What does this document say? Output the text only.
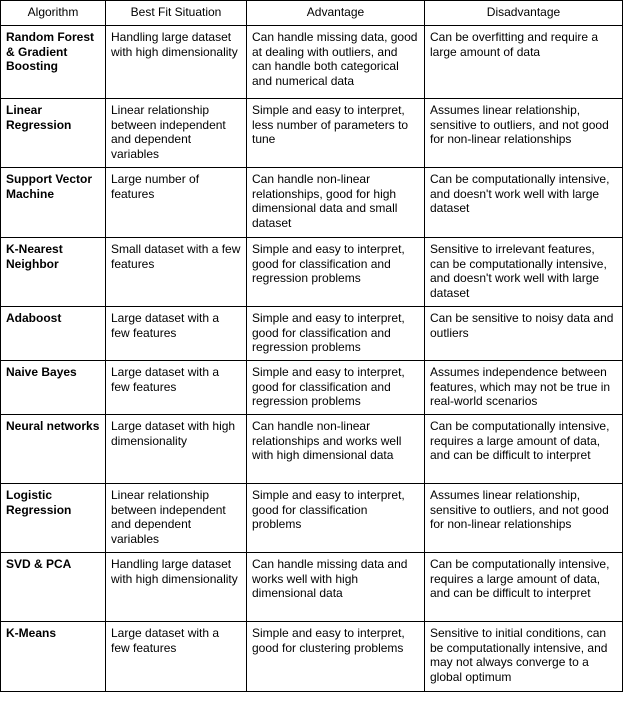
Algorithm	Best Fit Situation	Advantage	Disadvantage
Random Forest & Gradient Boosting	Handling large dataset with high dimensionality	Can handle missing data, good at dealing with outliers, and can handle both categorical and numerical data	Can be overfitting and require a large amount of data
Linear Regression	Linear relationship between independent and dependent variables	Simple and easy to interpret, less number of parameters to tune	Assumes linear relationship, sensitive to outliers, and not good for non-linear relationships
Support Vector Machine	Large number of features	Can handle non-linear relationships, good for high dimensional data and small dataset	Can be computationally intensive, and doesn't work well with large dataset
K-Nearest Neighbor	Small dataset with a few features	Simple and easy to interpret, good for classification and regression problems	Sensitive to irrelevant features, can be computationally intensive, and doesn't work well with large dataset
Adaboost	Large dataset with a few features	Simple and easy to interpret, good for classification and regression problems	Can be sensitive to noisy data and outliers
Naive Bayes	Large dataset with a few features	Simple and easy to interpret, good for classification and regression problems	Assumes independence between features, which may not be true in real-world scenarios
Neural networks	Large dataset with high dimensionality	Can handle non-linear relationships and works well with high dimensional data	Can be computationally intensive, requires a large amount of data, and can be difficult to interpret
Logistic Regression	Linear relationship between independent and dependent variables	Simple and easy to interpret, good for classification problems	Assumes linear relationship, sensitive to outliers, and not good for non-linear relationships
SVD & PCA	Handling large dataset with high dimensionality	Can handle missing data and works well with high dimensional data	Can be computationally intensive, requires a large amount of data, and can be difficult to interpret
K-Means	Large dataset with a few features	Simple and easy to interpret, good for clustering problems	Sensitive to initial conditions, can be computationally intensive, and may not always converge to a global optimum
